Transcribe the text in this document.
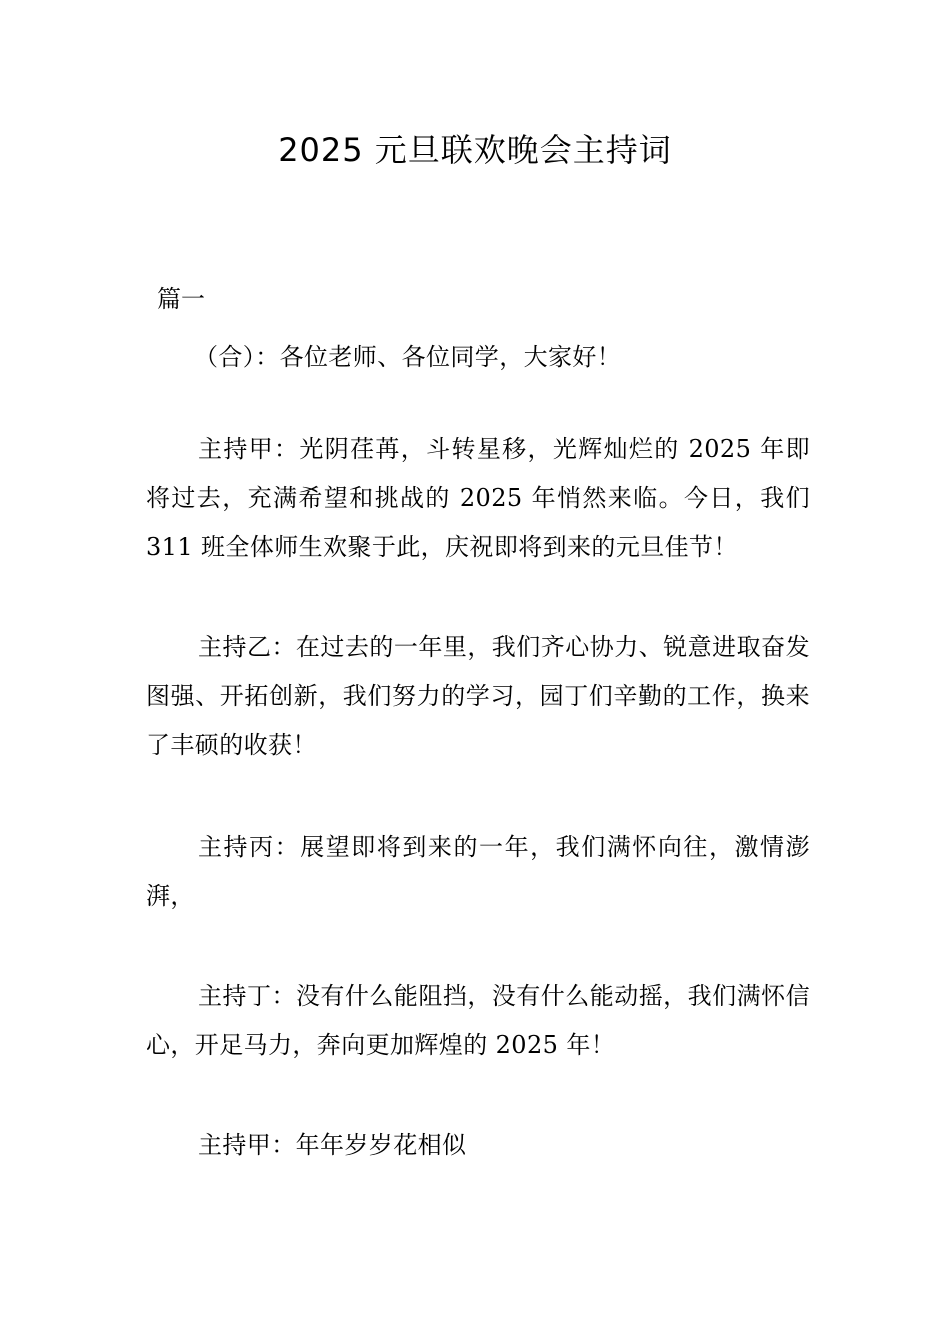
2025 元旦联欢晚会主持词
篇一

（合）：各位老师、各位同学，大家好！

主持甲：光阴荏苒，斗转星移，光辉灿烂的 2025 年即将过去，充满希望和挑战的 2025 年悄然来临。今日，我们 311 班全体师生欢聚于此，庆祝即将到来的元旦佳节！

主持乙：在过去的一年里，我们齐心协力、锐意进取奋发图强、开拓创新，我们努力的学习，园丁们辛勤的工作，换来了丰硕的收获！

主持丙：展望即将到来的一年，我们满怀向往，激情澎湃，

主持丁：没有什么能阻挡，没有什么能动摇，我们满怀信心，开足马力，奔向更加辉煌的 2025 年！

主持甲：年年岁岁花相似
